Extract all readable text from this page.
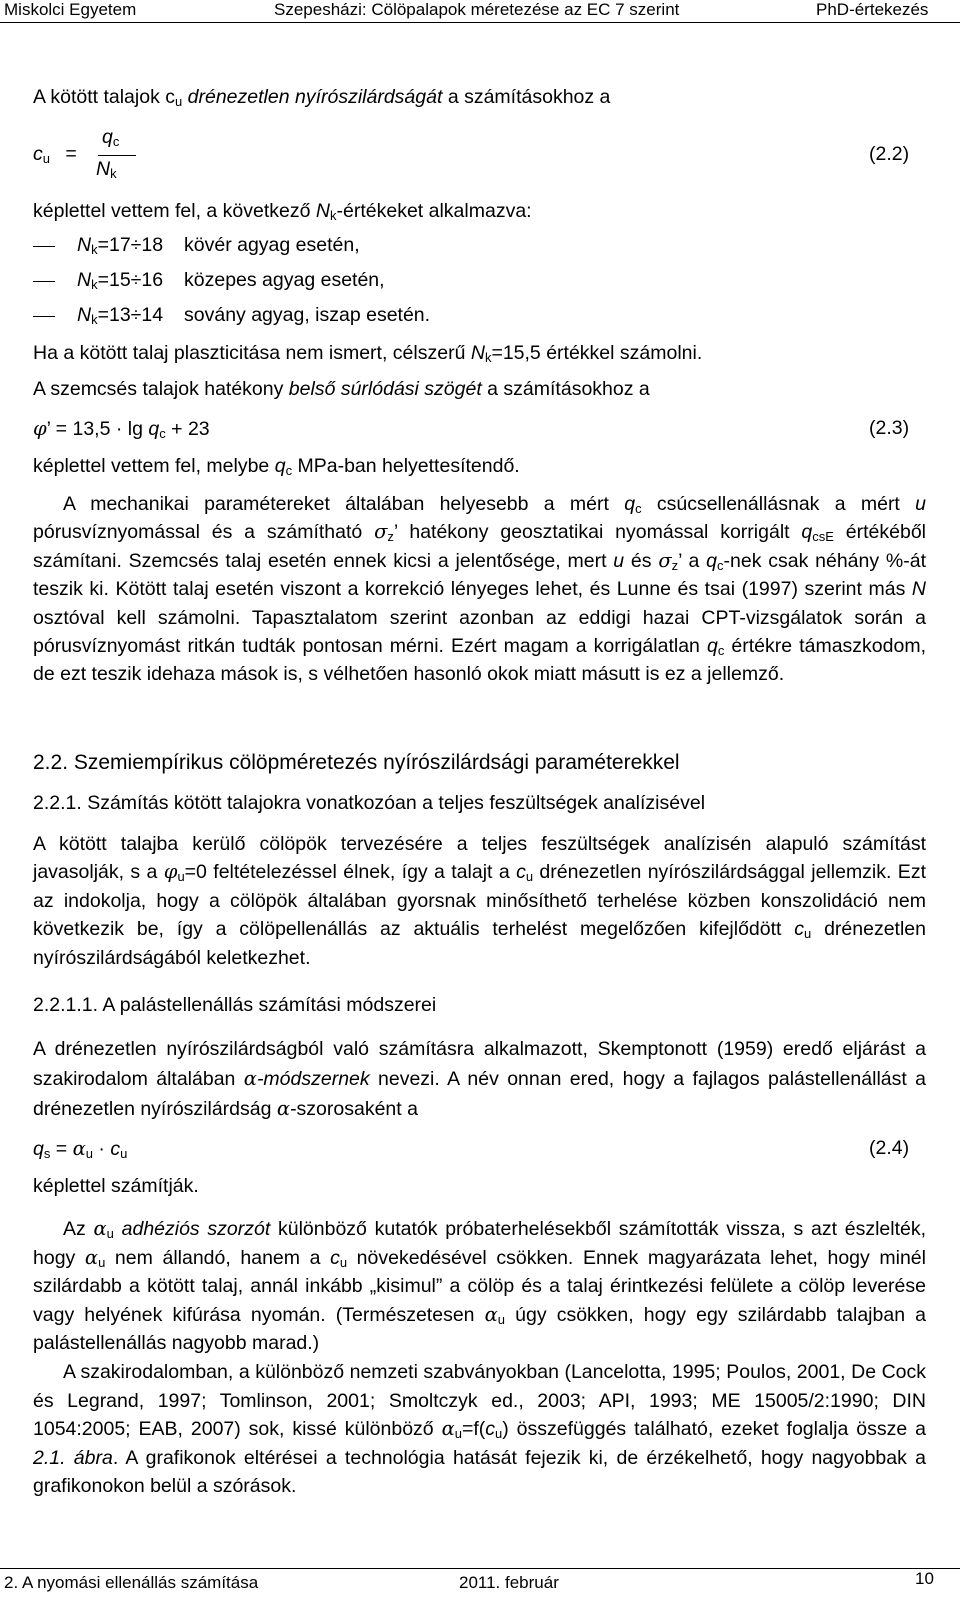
Miskolci Egyetem	Szepesházi: Cölöpalapok méretezése az EC 7 szerint	PhD-értekezés
A kötött talajok $c_u$ drénezetlen nyírószilárdságát a számításokhoz a
$c_u$ =
$q_c$
$N_k$
(2.2)
képlettel vettem fel, a következő $N_k$-értékeket alkalmazva:
$N_k=17\div 18$ kövér agyag esetén,
$N_k=15\div 16$ közepes agyag esetén,
$N_k=13\div 14$ sovány agyag, iszap esetén.
Ha a kötött talaj plaszticitása nem ismert, célszerű $N_k=15,5$ értékkel számolni.
A szemcsés talajok hatékony belső súrlódási szögét a számításokhoz a
φ’ = $13,5 \cdot \lg q_c + 23$	(2.3)
képlettel vettem fel, melybe $q_c$ MPa-ban helyettesítendő.

A mechanikai paramétereket általában helyesebb a mért $q_c$ csúcsellenállásnak a mért u pórusvíznyomással és a számítható $\sigma_z$’ hatékony geosztatikai nyomással korrigált $q_{csE}$ értékéből számítani. Szemcsés talaj esetén ennek kicsi a jelentősége, mert u és $\sigma_z$’ a $q_c$-nek csak néhány %-át teszik ki. Kötött talaj esetén viszont a korrekció lényeges lehet, és Lunne és tsai (1997) szerint más N osztóval kell számolni. Tapasztalatom szerint azonban az eddigi hazai CPT-vizsgálatok során a pórusvíznyomást ritkán tudták pontosan mérni. Ezért magam a korrigálatlan $q_c$ értékre támaszkodom, de ezt teszik idehaza mások is, s vélhetően hasonló okok miatt másutt is ez a jellemző.

2.2. Szemiempírikus cölöpméretezés nyírószilárdsági paraméterekkel
2.2.1. Számítás kötött talajokra vonatkozóan a teljes feszültségek analízisével

A kötött talajba kerülő cölöpök tervezésére a teljes feszültségek analízisén alapuló számítást javasolják, s a $\varphi_u=0$ feltételezéssel élnek, így a talajt a $c_u$ drénezetlen nyírószilárdsággal jellemzik. Ezt az indokolja, hogy a cölöpök általában gyorsnak minősíthető terhelése közben konszolidáció nem következik be, így a cölöpellenállás az aktuális terhelést megelőzően kifejlődött $c_u$ drénezetlen nyírószilárdságából keletkezhet.

2.2.1.1. A palástellenállás számítási módszerei

A drénezetlen nyírószilárdságból való számításra alkalmazott, Skemptonott (1959) eredő eljárást a szakirodalom általában α-módszernek nevezi. A név onnan ered, hogy a fajlagos palástellenállást a drénezetlen nyírószilárdság α-szorosaként a

$q_s = \alpha_u \cdot c_u$	(2.4)
képlettel számítják.

Az $\alpha_u$ adhéziós szorzót különböző kutatók próbaterhelésekből számították vissza, s azt észlelték, hogy $\alpha_u$ nem állandó, hanem a $c_u$ növekedésével csökken. Ennek magyarázata lehet, hogy minél szilárdabb a kötött talaj, annál inkább „kisimul” a cölöp és a talaj érintkezési felülete a cölöp leverése vagy helyének kifúrása nyomán. (Természetesen $\alpha_u$ úgy csökken, hogy egy szilárdabb talajban a palástellenállás nagyobb marad.)

A szakirodalomban, a különböző nemzeti szabványokban (Lancelotta, 1995; Poulos, 2001, De Cock és Legrand, 1997; Tomlinson, 2001; Smoltczyk ed., 2003; API, 1993; ME 15005/2:1990; DIN 1054:2005; EAB, 2007) sok, kissé különböző $\alpha_u=f(c_u)$ összefüggés található, ezeket foglalja össze a 2.1. ábra. A grafikonok eltérései a technológia hatását fejezik ki, de érzékelhető, hogy nagyobbak a grafikonokon belül a szórások.

2. A nyomási ellenállás számítása	2011. február	10
